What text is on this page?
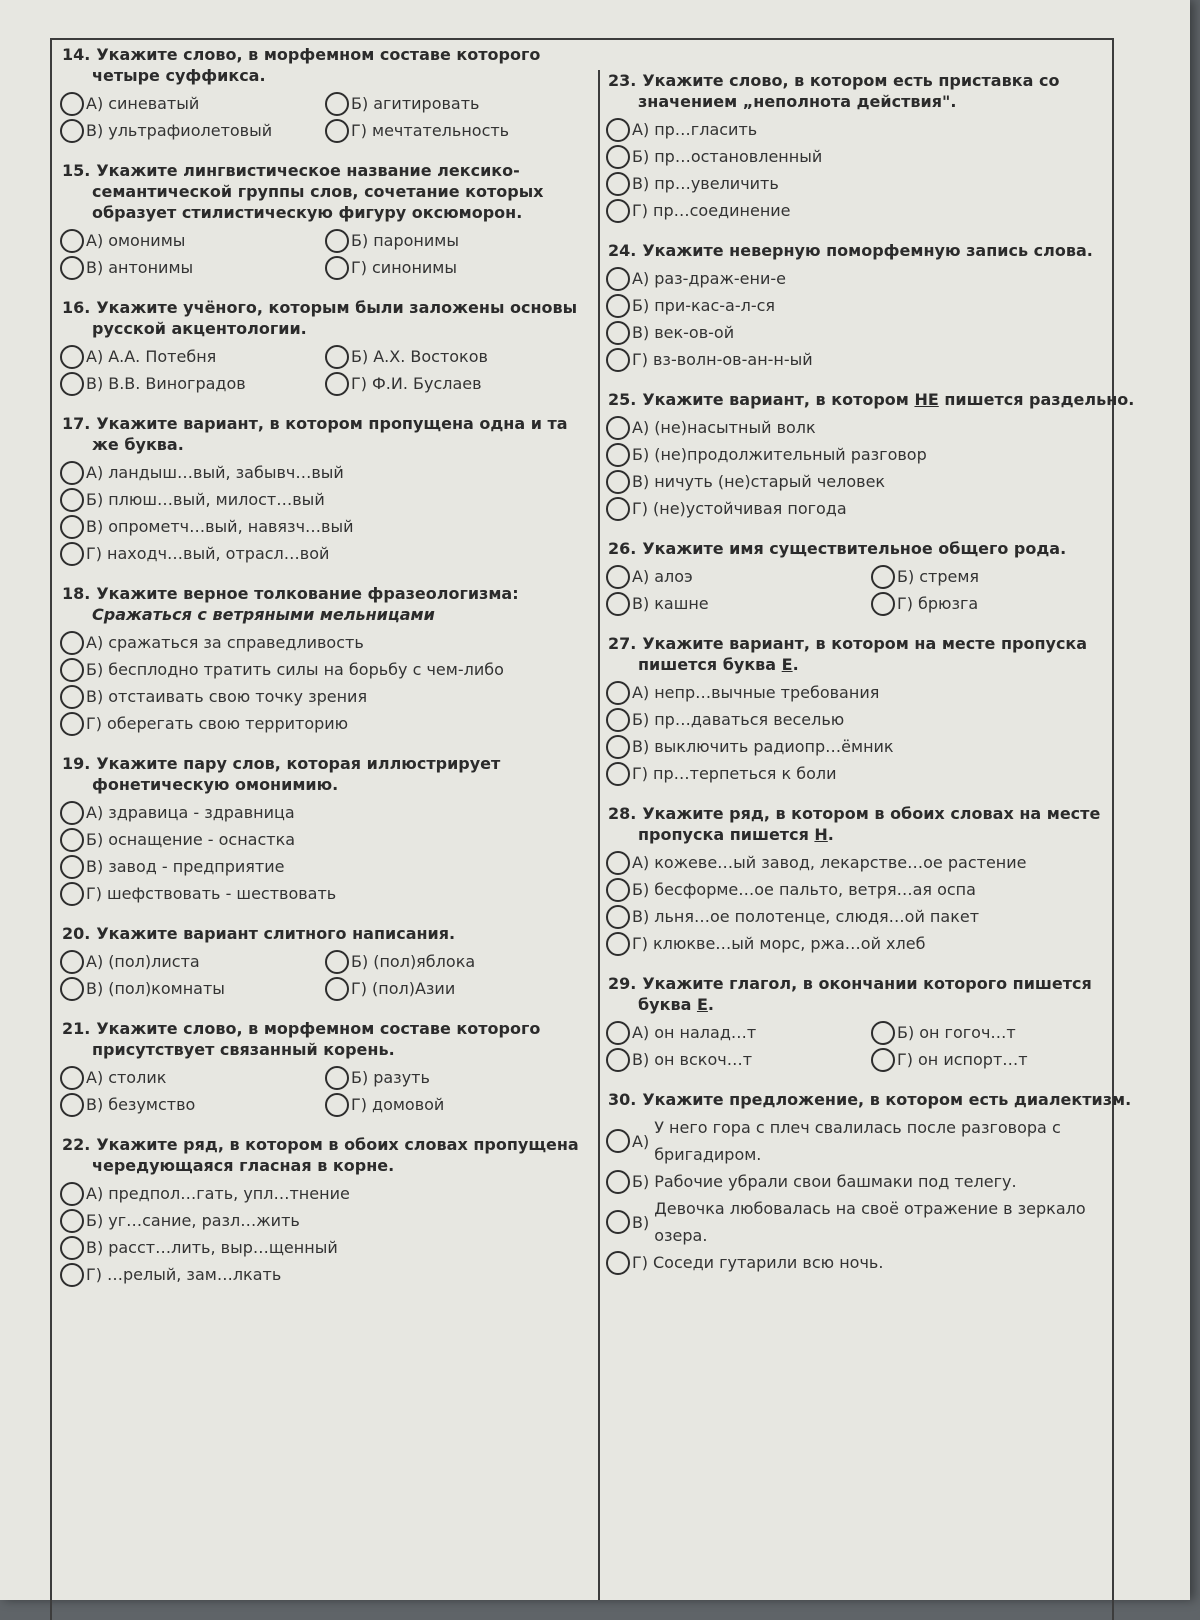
14. Укажите слово, в морфемном составе которого четыре суффикса.
А) синеватый	Б) агитировать
В) ультрафиолетовый	Г) мечтательность
15. Укажите лингвистическое название лексико-семантической группы слов, сочетание которых образует стилистическую фигуру оксюморон.
А) омонимы	Б) паронимы
В) антонимы	Г) синонимы
16. Укажите учёного, которым были заложены основы русской акцентологии.
А) А.А. Потебня	Б) А.Х. Востоков
В) В.В. Виноградов	Г) Ф.И. Буслаев
17. Укажите вариант, в котором пропущена одна и та же буква.
А) ландыш…вый, забывч…вый
Б) плюш…вый, милост…вый
В) опрометч…вый, навязч…вый
Г) находч…вый, отрасл…вой
18. Укажите верное толкование фразеологизма:
Сражаться с ветряными мельницами
А) сражаться за справедливость
Б) бесплодно тратить силы на борьбу с чем-либо
В) отстаивать свою точку зрения
Г) оберегать свою территорию
19. Укажите пару слов, которая иллюстрирует фонетическую омонимию.
А) здравица - здравница
Б) оснащение - оснастка
В) завод - предприятие
Г) шефствовать - шествовать
20. Укажите вариант слитного написания.
А) (пол)листа	Б) (пол)яблока
В) (пол)комнаты	Г) (пол)Азии
21. Укажите слово, в морфемном составе которого присутствует связанный корень.
А) столик	Б) разуть
В) безумство	Г) домовой
22. Укажите ряд, в котором в обоих словах пропущена чередующаяся гласная в корне.
А) предпол…гать, упл…тнение
Б) уг…сание, разл…жить
В) расст…лить, выр…щенный
Г) …релый, зам…лкать
23. Укажите слово, в котором есть приставка со значением „неполнота действия".
А) пр…гласить
Б) пр…остановленный
В) пр…увеличить
Г) пр…соединение
24. Укажите неверную поморфемную запись слова.
А) раз-драж-ени-е
Б) при-кас-а-л-ся
В) век-ов-ой
Г) вз-волн-ов-ан-н-ый
25. Укажите вариант, в котором НЕ пишется раздельно.
А) (не)насытный волк
Б) (не)продолжительный разговор
В) ничуть (не)старый человек
Г) (не)устойчивая погода
26. Укажите имя существительное общего рода.
А) алоэ	Б) стремя
В) кашне	Г) брюзга
27. Укажите вариант, в котором на месте пропуска пишется буква Е.
А) непр…вычные требования
Б) пр…даваться веселью
В) выключить радиопр…ёмник
Г) пр…терпеться к боли
28. Укажите ряд, в котором в обоих словах на месте пропуска пишется Н.
А) кожеве…ый завод, лекарстве…ое растение
Б) бесформе…ое пальто, ветря…ая оспа
В) льня…ое полотенце, слюдя…ой пакет
Г) клюкве…ый морс, ржа…ой хлеб
29. Укажите глагол, в окончании которого пишется буква Е.
А) он налад…т	Б) он гогоч…т
В) он вскоч…т	Г) он испорт…т
30. Укажите предложение, в котором есть диалектизм.
А)
У него гора с плеч свалилась после разговора с бригадиром.
Б) Рабочие убрали свои башмаки под телегу.
В)
Девочка любовалась на своё отражение в зеркало озера.
Г) Соседи гутарили всю ночь.
